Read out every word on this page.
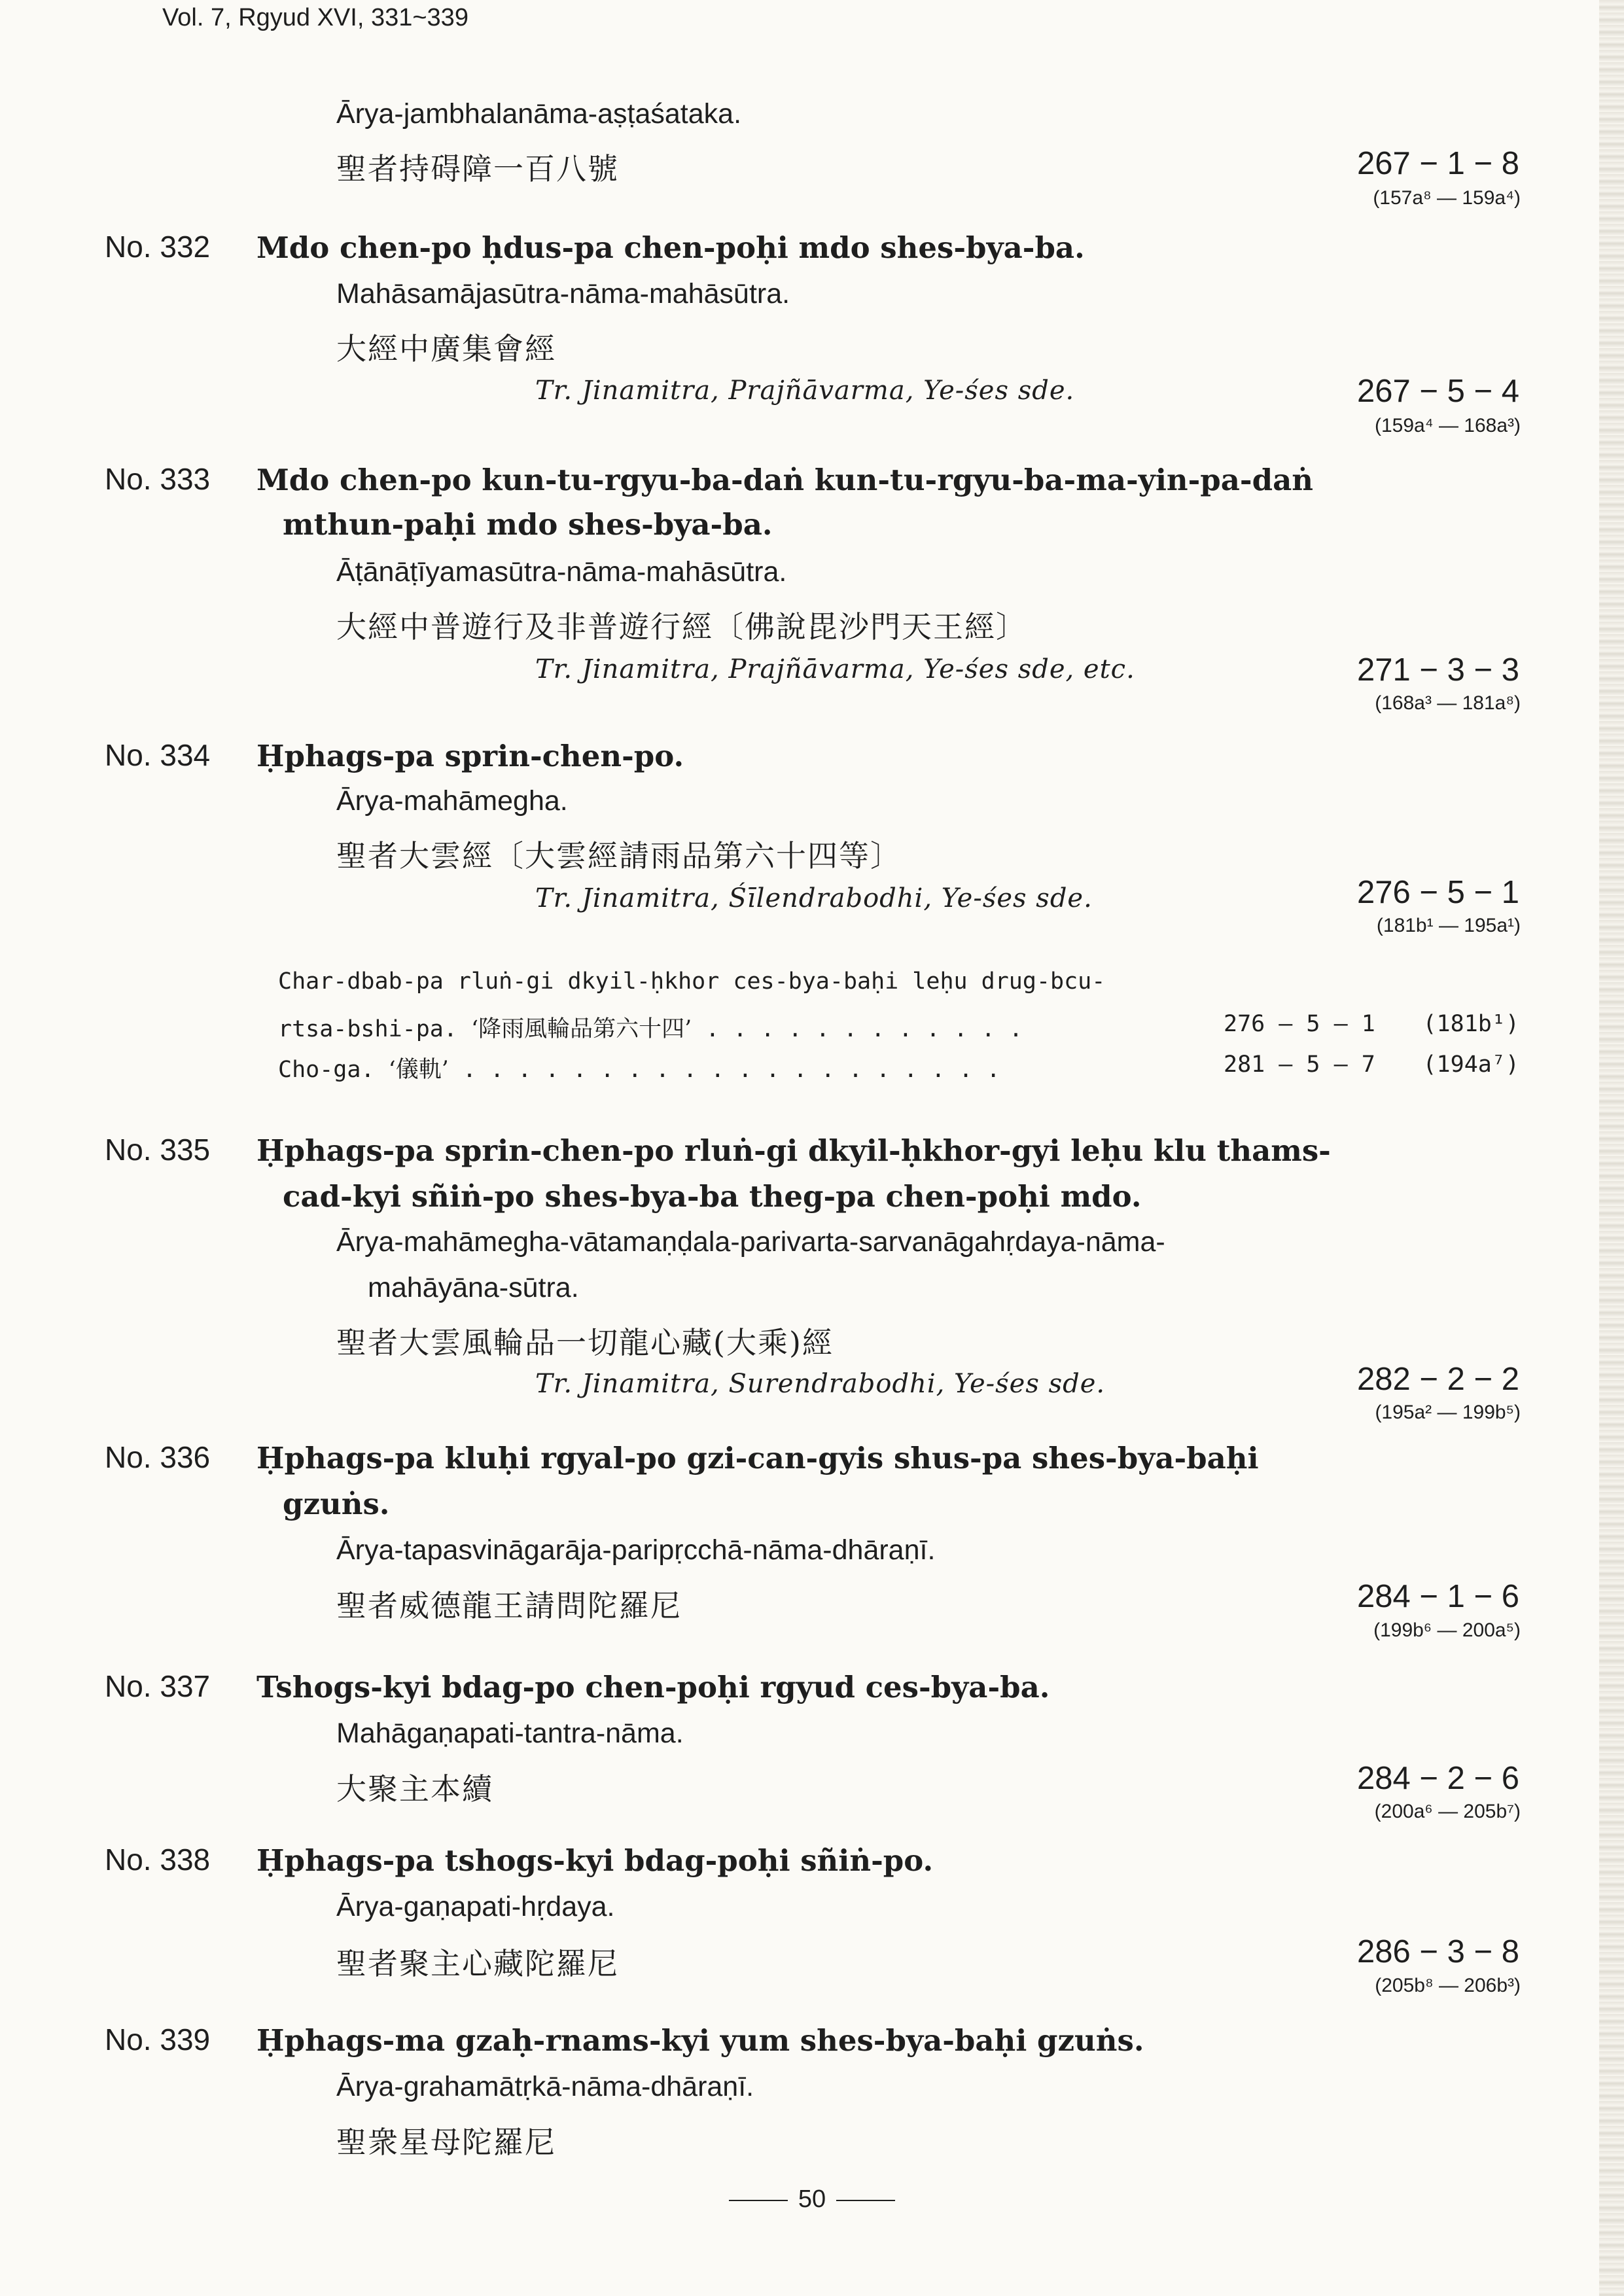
Vol. 7, Rgyud XVI, 331~339
Ārya-jambhalanāma-aṣṭaśataka.
聖者持碍障一百八號	267 − 1 − 8
(157a⁸ — 159a⁴)
No. 332 Mdo chen-po ḥdus-pa chen-poḥi mdo shes-bya-ba.
Mahāsamājasūtra-nāma-mahāsūtra.
大經中廣集會經
Tr. Jinamitra, Prajñāvarma, Ye-śes sde.	267 − 5 − 4
(159a⁴ — 168a³)
No. 333 Mdo chen-po kun-tu-rgyu-ba-daṅ kun-tu-rgyu-ba-ma-yin-pa-daṅ
mthun-paḥi mdo shes-bya-ba.
Āṭānāṭīyamasūtra-nāma-mahāsūtra.
大經中普遊行及非普遊行經〔佛說毘沙門天王經〕
Tr. Jinamitra, Prajñāvarma, Ye-śes sde, etc.	271 − 3 − 3
(168a³ — 181a⁸)
No. 334 Ḥphags-pa sprin-chen-po.
Ārya-mahāmegha.
聖者大雲經〔大雲經請雨品第六十四等〕
Tr. Jinamitra, Śīlendrabodhi, Ye-śes sde.	276 − 5 − 1
(181b¹ — 195a¹)
Char-dbab-pa rluṅ-gi dkyil-ḥkhor ces-bya-baḥi leḥu drug-bcu-
rtsa-bshi-pa. ‘降雨風輪品第六十四’ . . . . . . . . . . . .	276 — 5 — 1 (181b¹)
Cho-ga. ‘儀軌’ . . . . . . . . . . . . . . . . . . . .	281 — 5 — 7 (194a⁷)
No. 335 Ḥphags-pa sprin-chen-po rluṅ-gi dkyil-ḥkhor-gyi leḥu klu thams-
cad-kyi sñiṅ-po shes-bya-ba theg-pa chen-poḥi mdo.
Ārya-mahāmegha-vātamaṇḍala-parivarta-sarvanāgahṛdaya-nāma-
mahāyāna-sūtra.
聖者大雲風輪品一切龍心藏(大乘)經
Tr. Jinamitra, Surendrabodhi, Ye-śes sde.	282 − 2 − 2
(195a² — 199b⁵)
No. 336 Ḥphags-pa kluḥi rgyal-po gzi-can-gyis shus-pa shes-bya-baḥi
gzuṅs.
Ārya-tapasvināgarāja-paripṛcchā-nāma-dhāraṇī.
聖者威德龍王請問陀羅尼	284 − 1 − 6
(199b⁶ — 200a⁵)
No. 337 Tshogs-kyi bdag-po chen-poḥi rgyud ces-bya-ba.
Mahāgaṇapati-tantra-nāma.
大聚主本續	284 − 2 − 6
(200a⁶ — 205b⁷)
No. 338 Ḥphags-pa tshogs-kyi bdag-poḥi sñiṅ-po.
Ārya-gaṇapati-hṛdaya.
聖者聚主心藏陀羅尼	286 − 3 − 8
(205b⁸ — 206b³)
No. 339 Ḥphags-ma gzaḥ-rnams-kyi yum shes-bya-baḥi gzuṅs.
Ārya-grahamātṛkā-nāma-dhāraṇī.
聖衆星母陀羅尼
50
